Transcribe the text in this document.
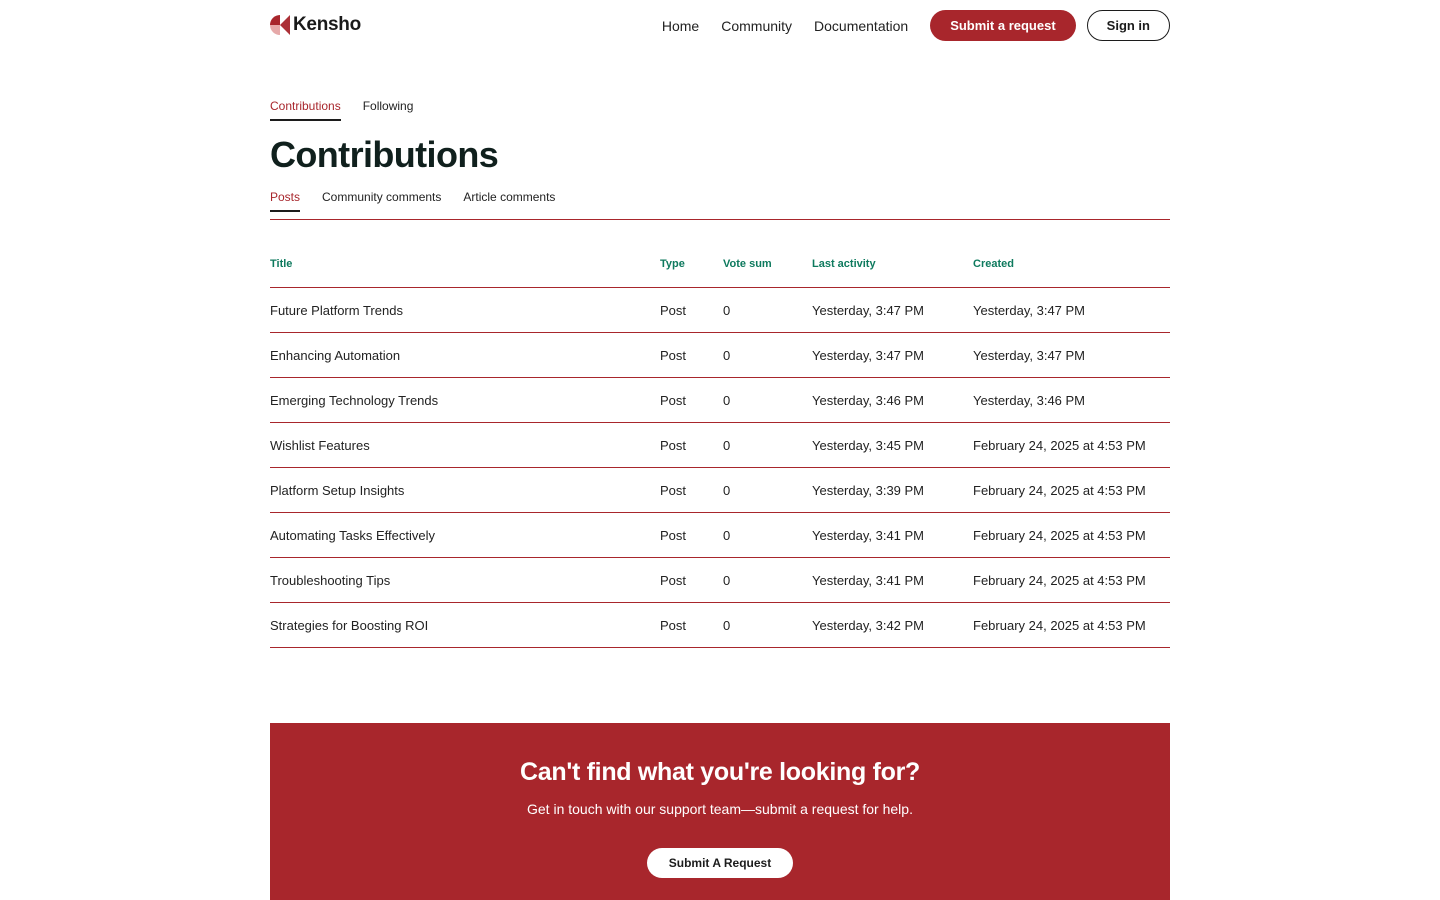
Kensho	Home Community Documentation	Submit a request	Sign in
Contributions Following
Contributions
Posts Community comments Article comments
Title	Type	Vote sum	Last activity	Created
Future Platform Trends	Post	0	Yesterday, 3:47 PM	Yesterday, 3:47 PM
Enhancing Automation	Post	0	Yesterday, 3:47 PM	Yesterday, 3:47 PM
Emerging Technology Trends	Post	0	Yesterday, 3:46 PM	Yesterday, 3:46 PM
Wishlist Features	Post	0	Yesterday, 3:45 PM	February 24, 2025 at 4:53 PM
Platform Setup Insights	Post	0	Yesterday, 3:39 PM	February 24, 2025 at 4:53 PM
Automating Tasks Effectively	Post	0	Yesterday, 3:41 PM	February 24, 2025 at 4:53 PM
Troubleshooting Tips	Post	0	Yesterday, 3:41 PM	February 24, 2025 at 4:53 PM
Strategies for Boosting ROI	Post	0	Yesterday, 3:42 PM	February 24, 2025 at 4:53 PM
Can't find what you're looking for?
Get in touch with our support team—submit a request for help.
Submit A Request
